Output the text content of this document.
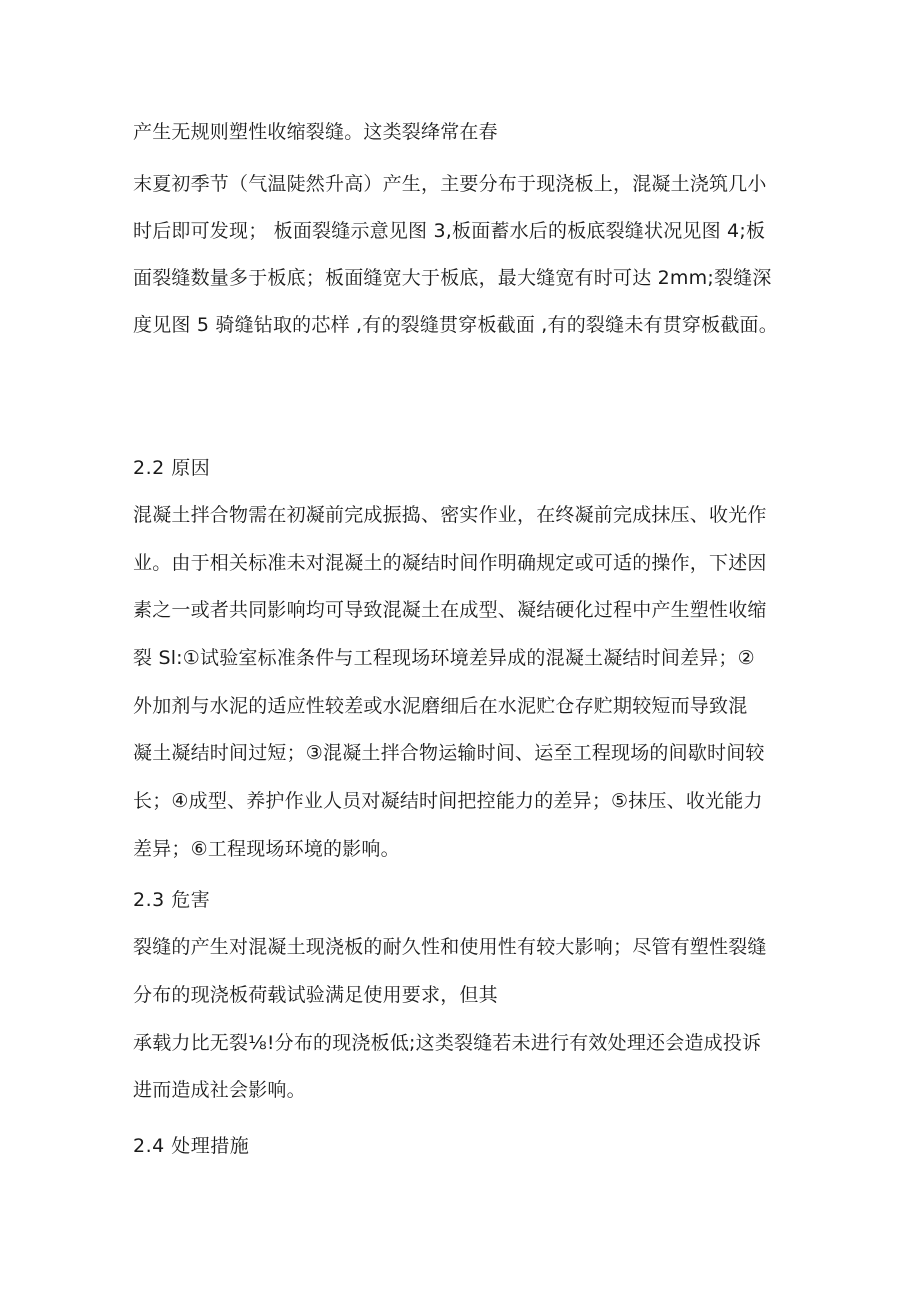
产生无规则塑性收缩裂缝。这类裂绛常在春
末夏初季节（气温陡然升高）产生，主要分布于现浇板上，混凝土浇筑几小
时后即可发现； 板面裂缝示意见图 3,板面蓄水后的板底裂缝状况见图 4;板
面裂缝数量多于板底；板面缝宽大于板底，最大缝宽有时可达 2mm;裂缝深
度见图 5 骑缝钻取的芯样 ,有的裂缝贯穿板截面 ,有的裂缝未有贯穿板截面。
2.2 原因
混凝土拌合物需在初凝前完成振捣、密实作业，在终凝前完成抹压、收光作
业。由于相关标准未对混凝土的凝结时间作明确规定或可适的操作，下述因
素之一或者共同影响均可导致混凝土在成型、凝结硬化过程中产生塑性收缩
裂 Sl:①试验室标准条件与工程现场环境差异成的混凝土凝结时间差异；②
外加剂与水泥的适应性较差或水泥磨细后在水泥贮仓存贮期较短而导致混
凝土凝结时间过短；③混凝土拌合物运输时间、运至工程现场的间歇时间较
长；④成型、养护作业人员对凝结时间把控能力的差异；⑤抹压、收光能力
差异；⑥工程现场环境的影响。
2.3 危害
裂缝的产生对混凝土现浇板的耐久性和使用性有较大影响；尽管有塑性裂缝
分布的现浇板荷载试验满足使用要求，但其
承载力比无裂⅛!分布的现浇板低;这类裂缝若未进行有效处理还会造成投诉
进而造成社会影响。
2.4 处理措施
